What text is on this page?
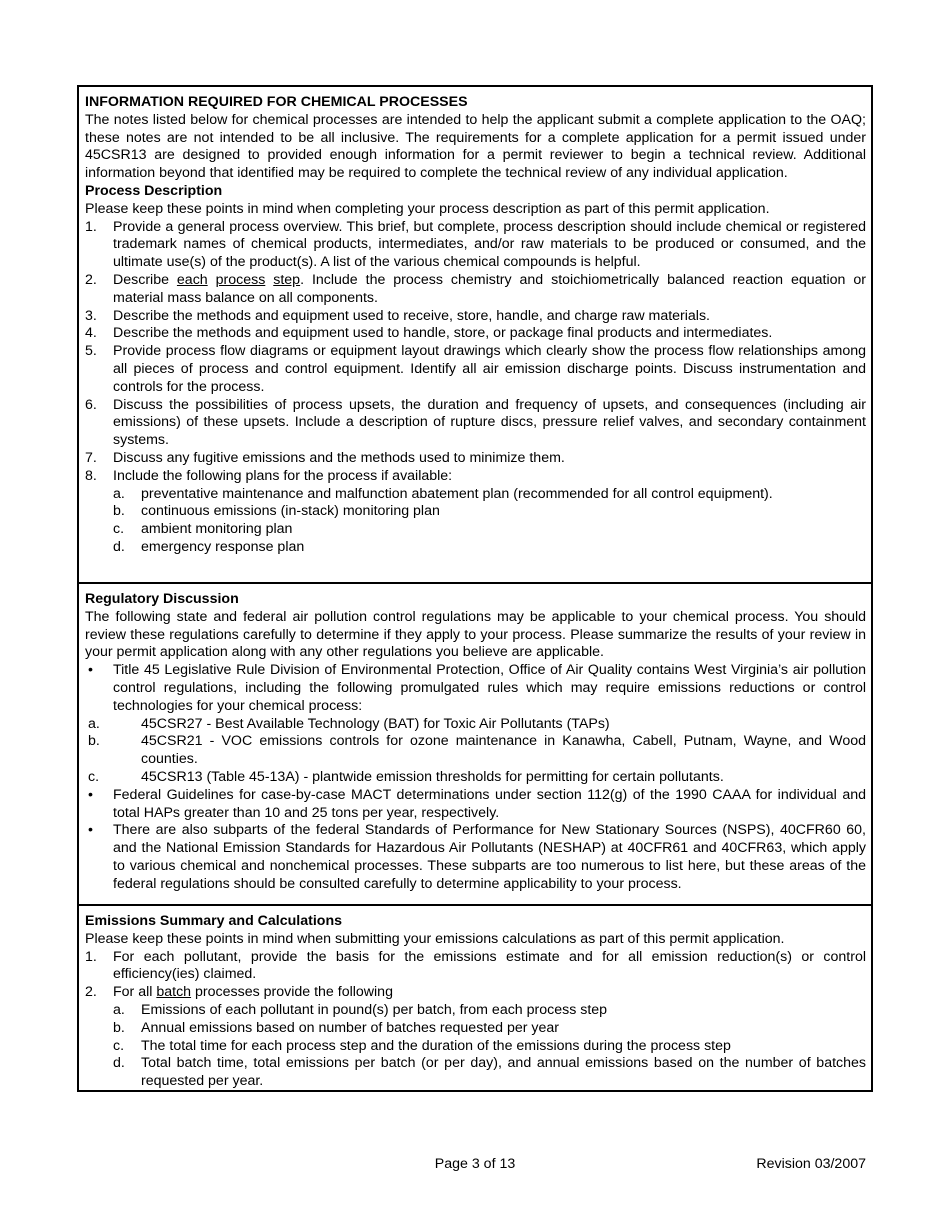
INFORMATION REQUIRED FOR CHEMICAL PROCESSES
The notes listed below for chemical processes are intended to help the applicant submit a complete application to the OAQ; these notes are not intended to be all inclusive. The requirements for a complete application for a permit issued under 45CSR13 are designed to provided enough information for a permit reviewer to begin a technical review. Additional information beyond that identified may be required to complete the technical review of any individual application.
Process Description
Please keep these points in mind when completing your process description as part of this permit application.
1. Provide a general process overview. This brief, but complete, process description should include chemical or registered trademark names of chemical products, intermediates, and/or raw materials to be produced or consumed, and the ultimate use(s) of the product(s). A list of the various chemical compounds is helpful.
2. Describe each process step. Include the process chemistry and stoichiometrically balanced reaction equation or material mass balance on all components.
3. Describe the methods and equipment used to receive, store, handle, and charge raw materials.
4. Describe the methods and equipment used to handle, store, or package final products and intermediates.
5. Provide process flow diagrams or equipment layout drawings which clearly show the process flow relationships among all pieces of process and control equipment. Identify all air emission discharge points. Discuss instrumentation and controls for the process.
6. Discuss the possibilities of process upsets, the duration and frequency of upsets, and consequences (including air emissions) of these upsets. Include a description of rupture discs, pressure relief valves, and secondary containment systems.
7. Discuss any fugitive emissions and the methods used to minimize them.
8. Include the following plans for the process if available:
a. preventative maintenance and malfunction abatement plan (recommended for all control equipment).
b. continuous emissions (in-stack) monitoring plan
c. ambient monitoring plan
d. emergency response plan
Regulatory Discussion
The following state and federal air pollution control regulations may be applicable to your chemical process. You should review these regulations carefully to determine if they apply to your process. Please summarize the results of your review in your permit application along with any other regulations you believe are applicable.
• Title 45 Legislative Rule Division of Environmental Protection, Office of Air Quality contains West Virginia’s air pollution control regulations, including the following promulgated rules which may require emissions reductions or control technologies for your chemical process:
a.	45CSR27 - Best Available Technology (BAT) for Toxic Air Pollutants (TAPs)
b.	45CSR21 - VOC emissions controls for ozone maintenance in Kanawha, Cabell, Putnam, Wayne, and Wood counties.
c.	45CSR13 (Table 45-13A) - plantwide emission thresholds for permitting for certain pollutants.
• Federal Guidelines for case-by-case MACT determinations under section 112(g) of the 1990 CAAA for individual and total HAPs greater than 10 and 25 tons per year, respectively.
• There are also subparts of the federal Standards of Performance for New Stationary Sources (NSPS), 40CFR60 60, and the National Emission Standards for Hazardous Air Pollutants (NESHAP) at 40CFR61 and 40CFR63, which apply to various chemical and nonchemical processes. These subparts are too numerous to list here, but these areas of the federal regulations should be consulted carefully to determine applicability to your process.
Emissions Summary and Calculations
Please keep these points in mind when submitting your emissions calculations as part of this permit application.
1. For each pollutant, provide the basis for the emissions estimate and for all emission reduction(s) or control efficiency(ies) claimed.
2. For all batch processes provide the following
a. Emissions of each pollutant in pound(s) per batch, from each process step
b. Annual emissions based on number of batches requested per year
c. The total time for each process step and the duration of the emissions during the process step
d. Total batch time, total emissions per batch (or per day), and annual emissions based on the number of batches requested per year.
Page 3 of 13	Revision 03/2007
